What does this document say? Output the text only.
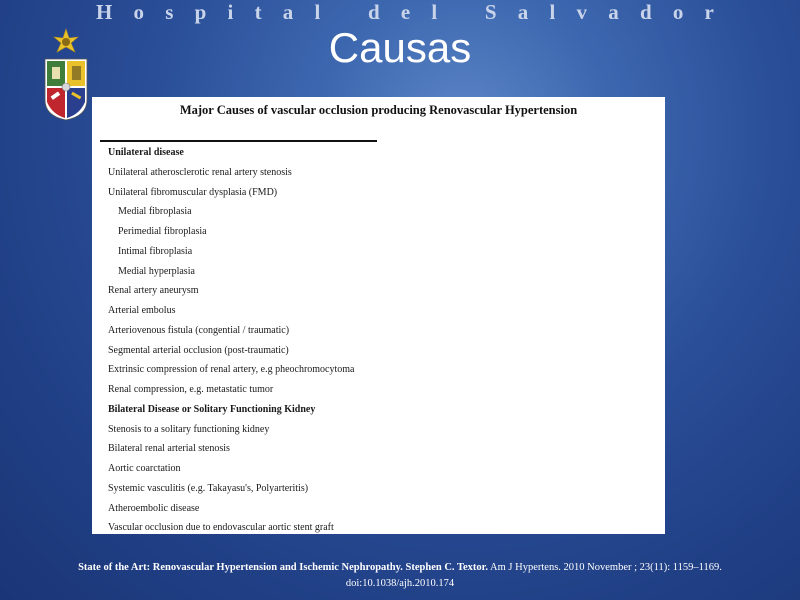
H o s p i t a l
d e l
S a l v a d o r
Causas
Major Causes of vascular occlusion producing Renovascular Hypertension
Unilateral disease
Unilateral atherosclerotic renal artery stenosis
Unilateral fibromuscular dysplasia (FMD)
Medial fibroplasia
Perimedial fibroplasia
Intimal fibroplasia
Medial hyperplasia
Renal artery aneurysm
Arterial embolus
Arteriovenous fistula (congential / traumatic)
Segmental arterial occlusion (post-traumatic)
Extrinsic compression of renal artery, e.g pheochromocytoma
Renal compression, e.g. metastatic tumor
Bilateral Disease or Solitary Functioning Kidney
Stenosis to a solitary functioning kidney
Bilateral renal arterial stenosis
Aortic coarctation
Systemic vasculitis (e.g. Takayasu's, Polyarteritis)
Atheroembolic disease
Vascular occlusion due to endovascular aortic stent graft
State of the Art: Renovascular Hypertension and Ischemic Nephropathy. Stephen C. Textor. Am J Hypertens. 2010 November ; 23(11): 1159–1169.
doi:10.1038/ajh.2010.174
